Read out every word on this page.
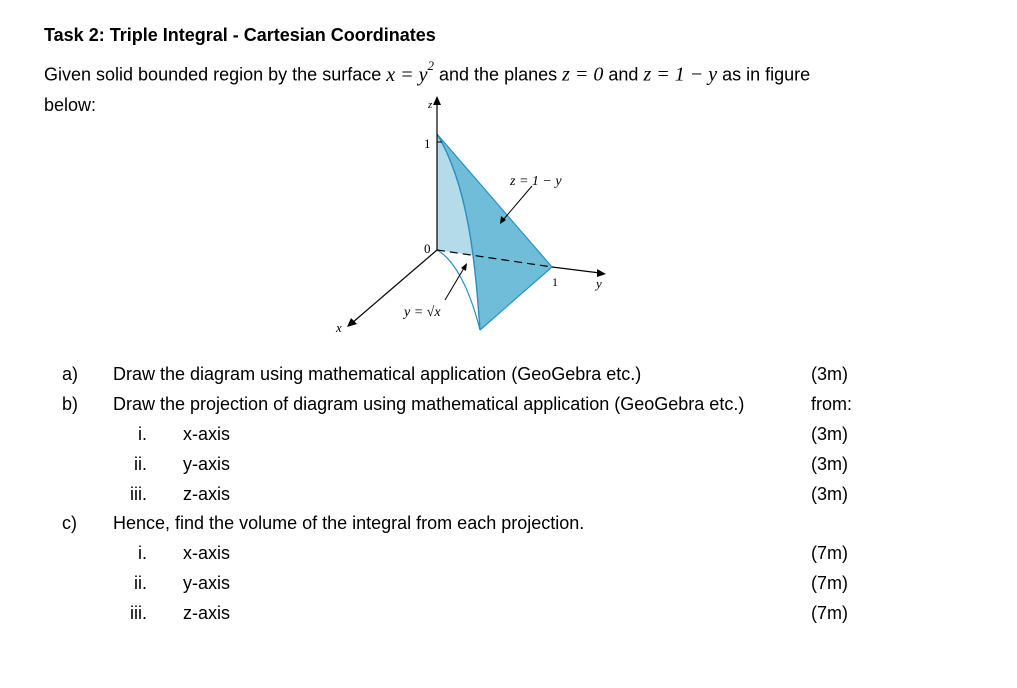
Task 2: Triple Integral - Cartesian Coordinates
Given solid bounded region by the surface $x = y^2$ and the planes z = 0 and z = 1 − y as in figure
below:	z
1
0
1	y
x
z = 1 − y
y = √x
a) Draw the diagram using mathematical application (GeoGebra etc.)	(3m)
b) Draw the projection of diagram using mathematical application (GeoGebra etc.)	from:
i. x-axis	(3m)
ii. y-axis	(3m)
iii. z-axis	(3m)
c) Hence, find the volume of the integral from each projection.
i. x-axis	(7m)
ii. y-axis	(7m)
iii. z-axis	(7m)
